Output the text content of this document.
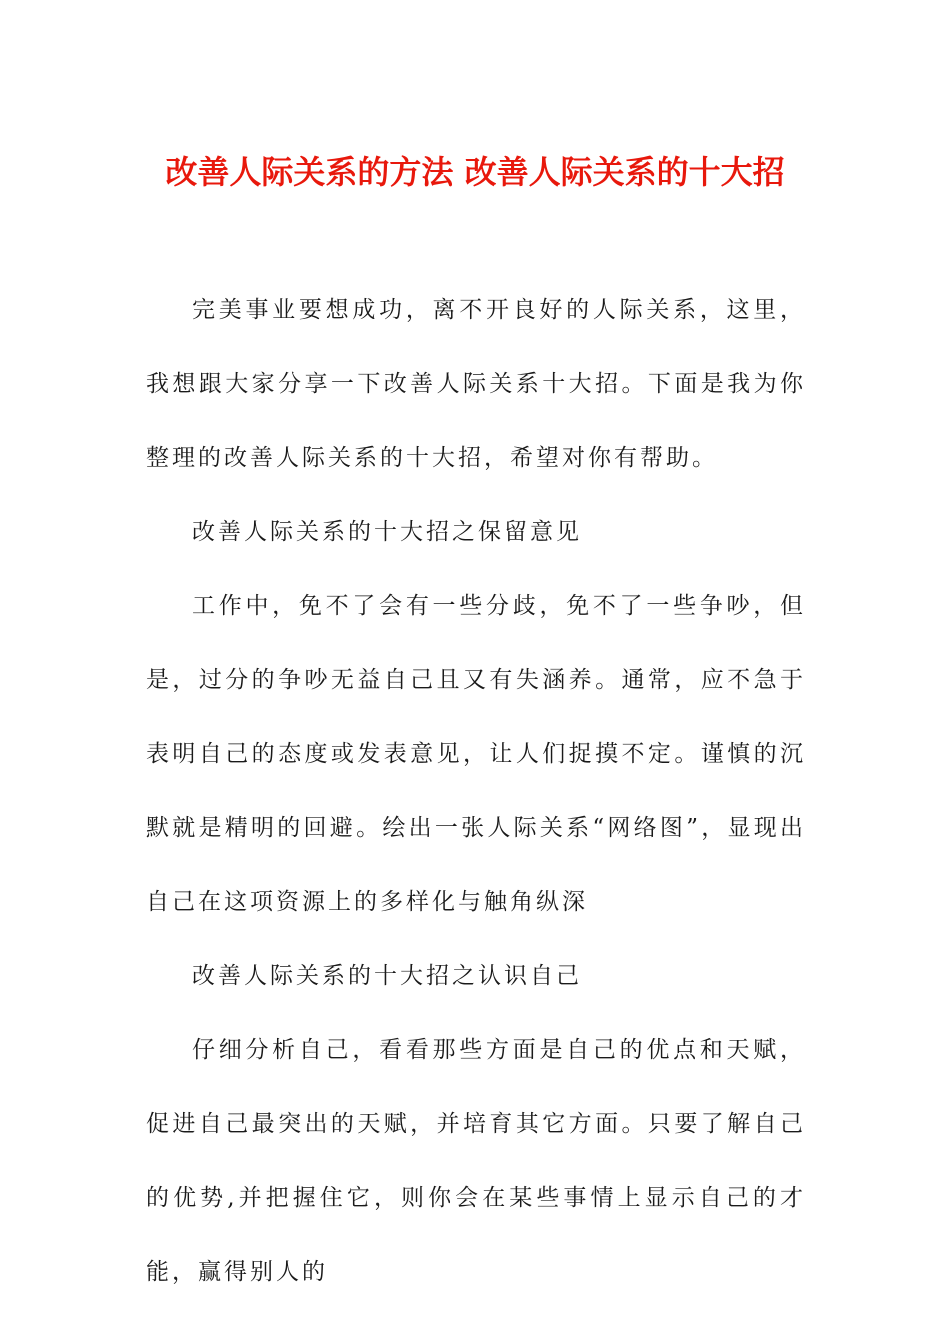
改善人际关系的方法 改善人际关系的十大招

完美事业要想成功，离不开良好的人际关系，这里，我想跟大家分享一下改善人际关系十大招。下面是我为你整理的改善人际关系的十大招，希望对你有帮助。

改善人际关系的十大招之保留意见

工作中，免不了会有一些分歧，免不了一些争吵，但是，过分的争吵无益自己且又有失涵养。通常，应不急于表明自己的态度或发表意见，让人们捉摸不定。谨慎的沉默就是精明的回避。绘出一张人际关系“网络图”，显现出自己在这项资源上的多样化与触角纵深

改善人际关系的十大招之认识自己

仔细分析自己，看看那些方面是自己的优点和天赋，促进自己最突出的天赋，并培育其它方面。只要了解自己的优势,并把握住它，则你会在某些事情上显示自己的才能，赢得别人的
